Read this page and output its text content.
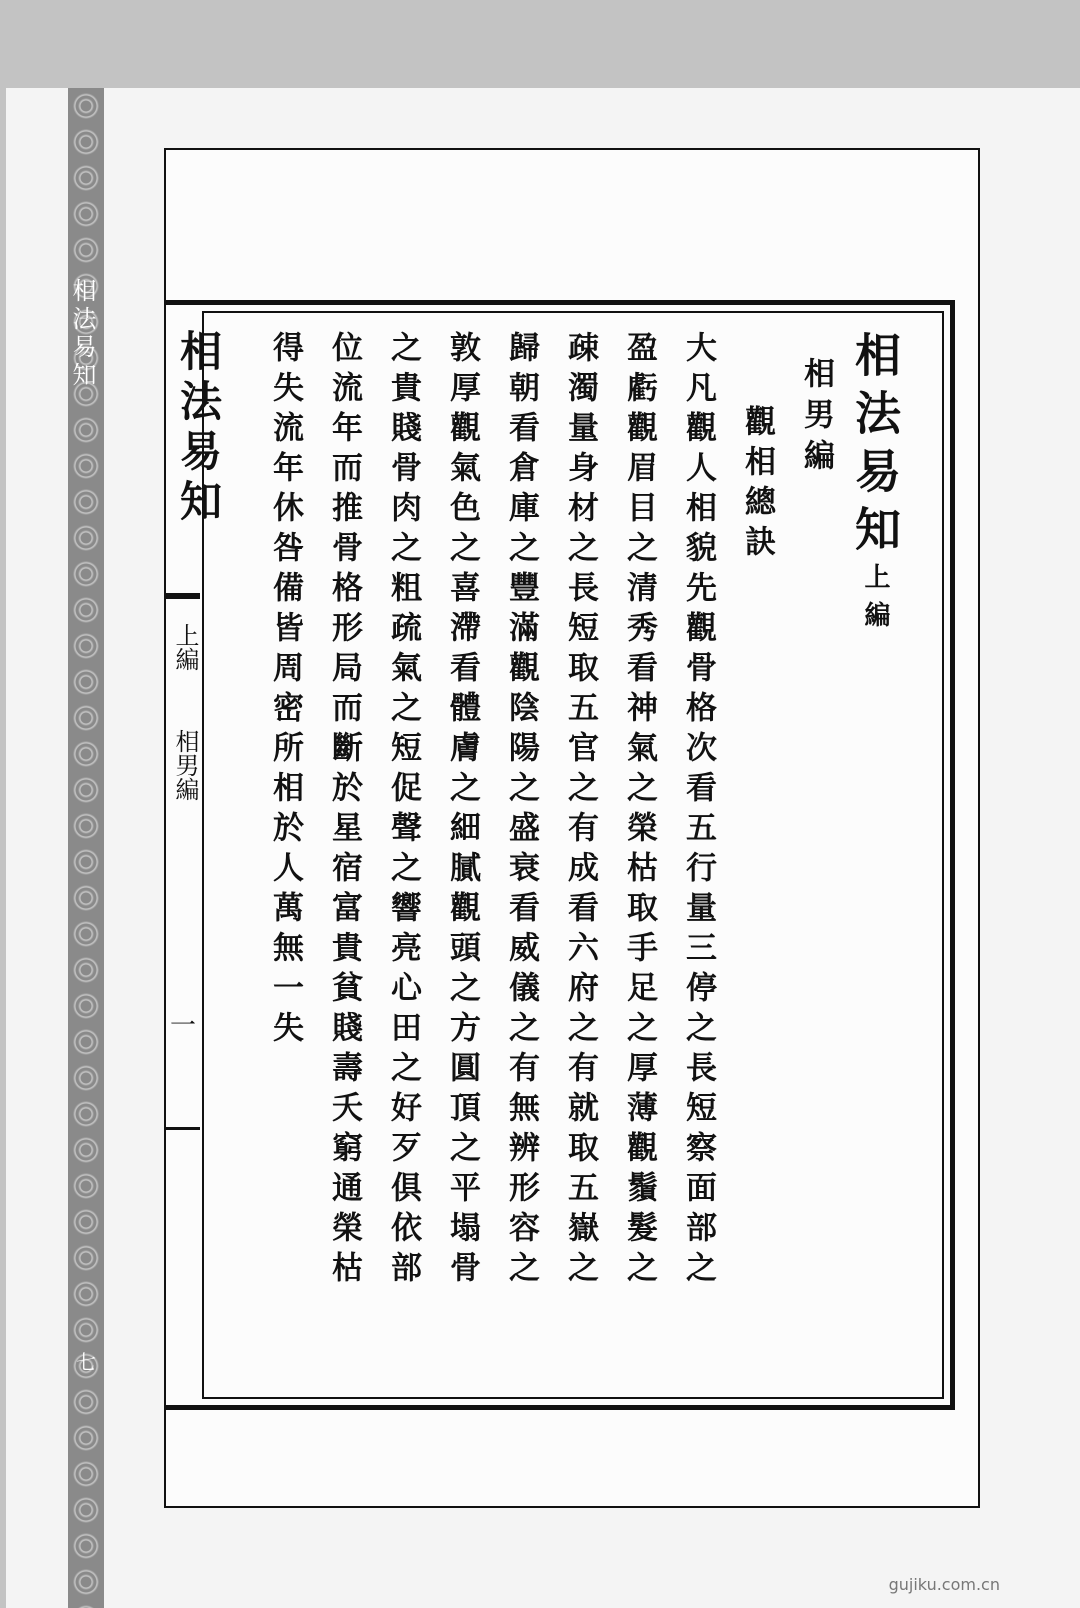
相法易知
七
相法易知
上編
相男編
一
相法易知上編
相男編
觀相總訣
大凡觀人相貌先觀骨格次看五行量三停之長短察面部之
盈虧觀眉目之清秀看神氣之榮枯取手足之厚薄觀鬚髮之
疎濁量身材之長短取五官之有成看六府之有就取五嶽之
歸朝看倉庫之豐滿觀陰陽之盛衰看威儀之有無辨形容之
敦厚觀氣色之喜滯看體膚之細膩觀頭之方圓頂之平塌骨
之貴賤骨肉之粗疏氣之短促聲之響亮心田之好歹俱依部
位流年而推骨格形局而斷於星宿富貴貧賤壽夭窮通榮枯
得失流年休咎備皆周密所相於人萬無一失
gujiku.com.cn
